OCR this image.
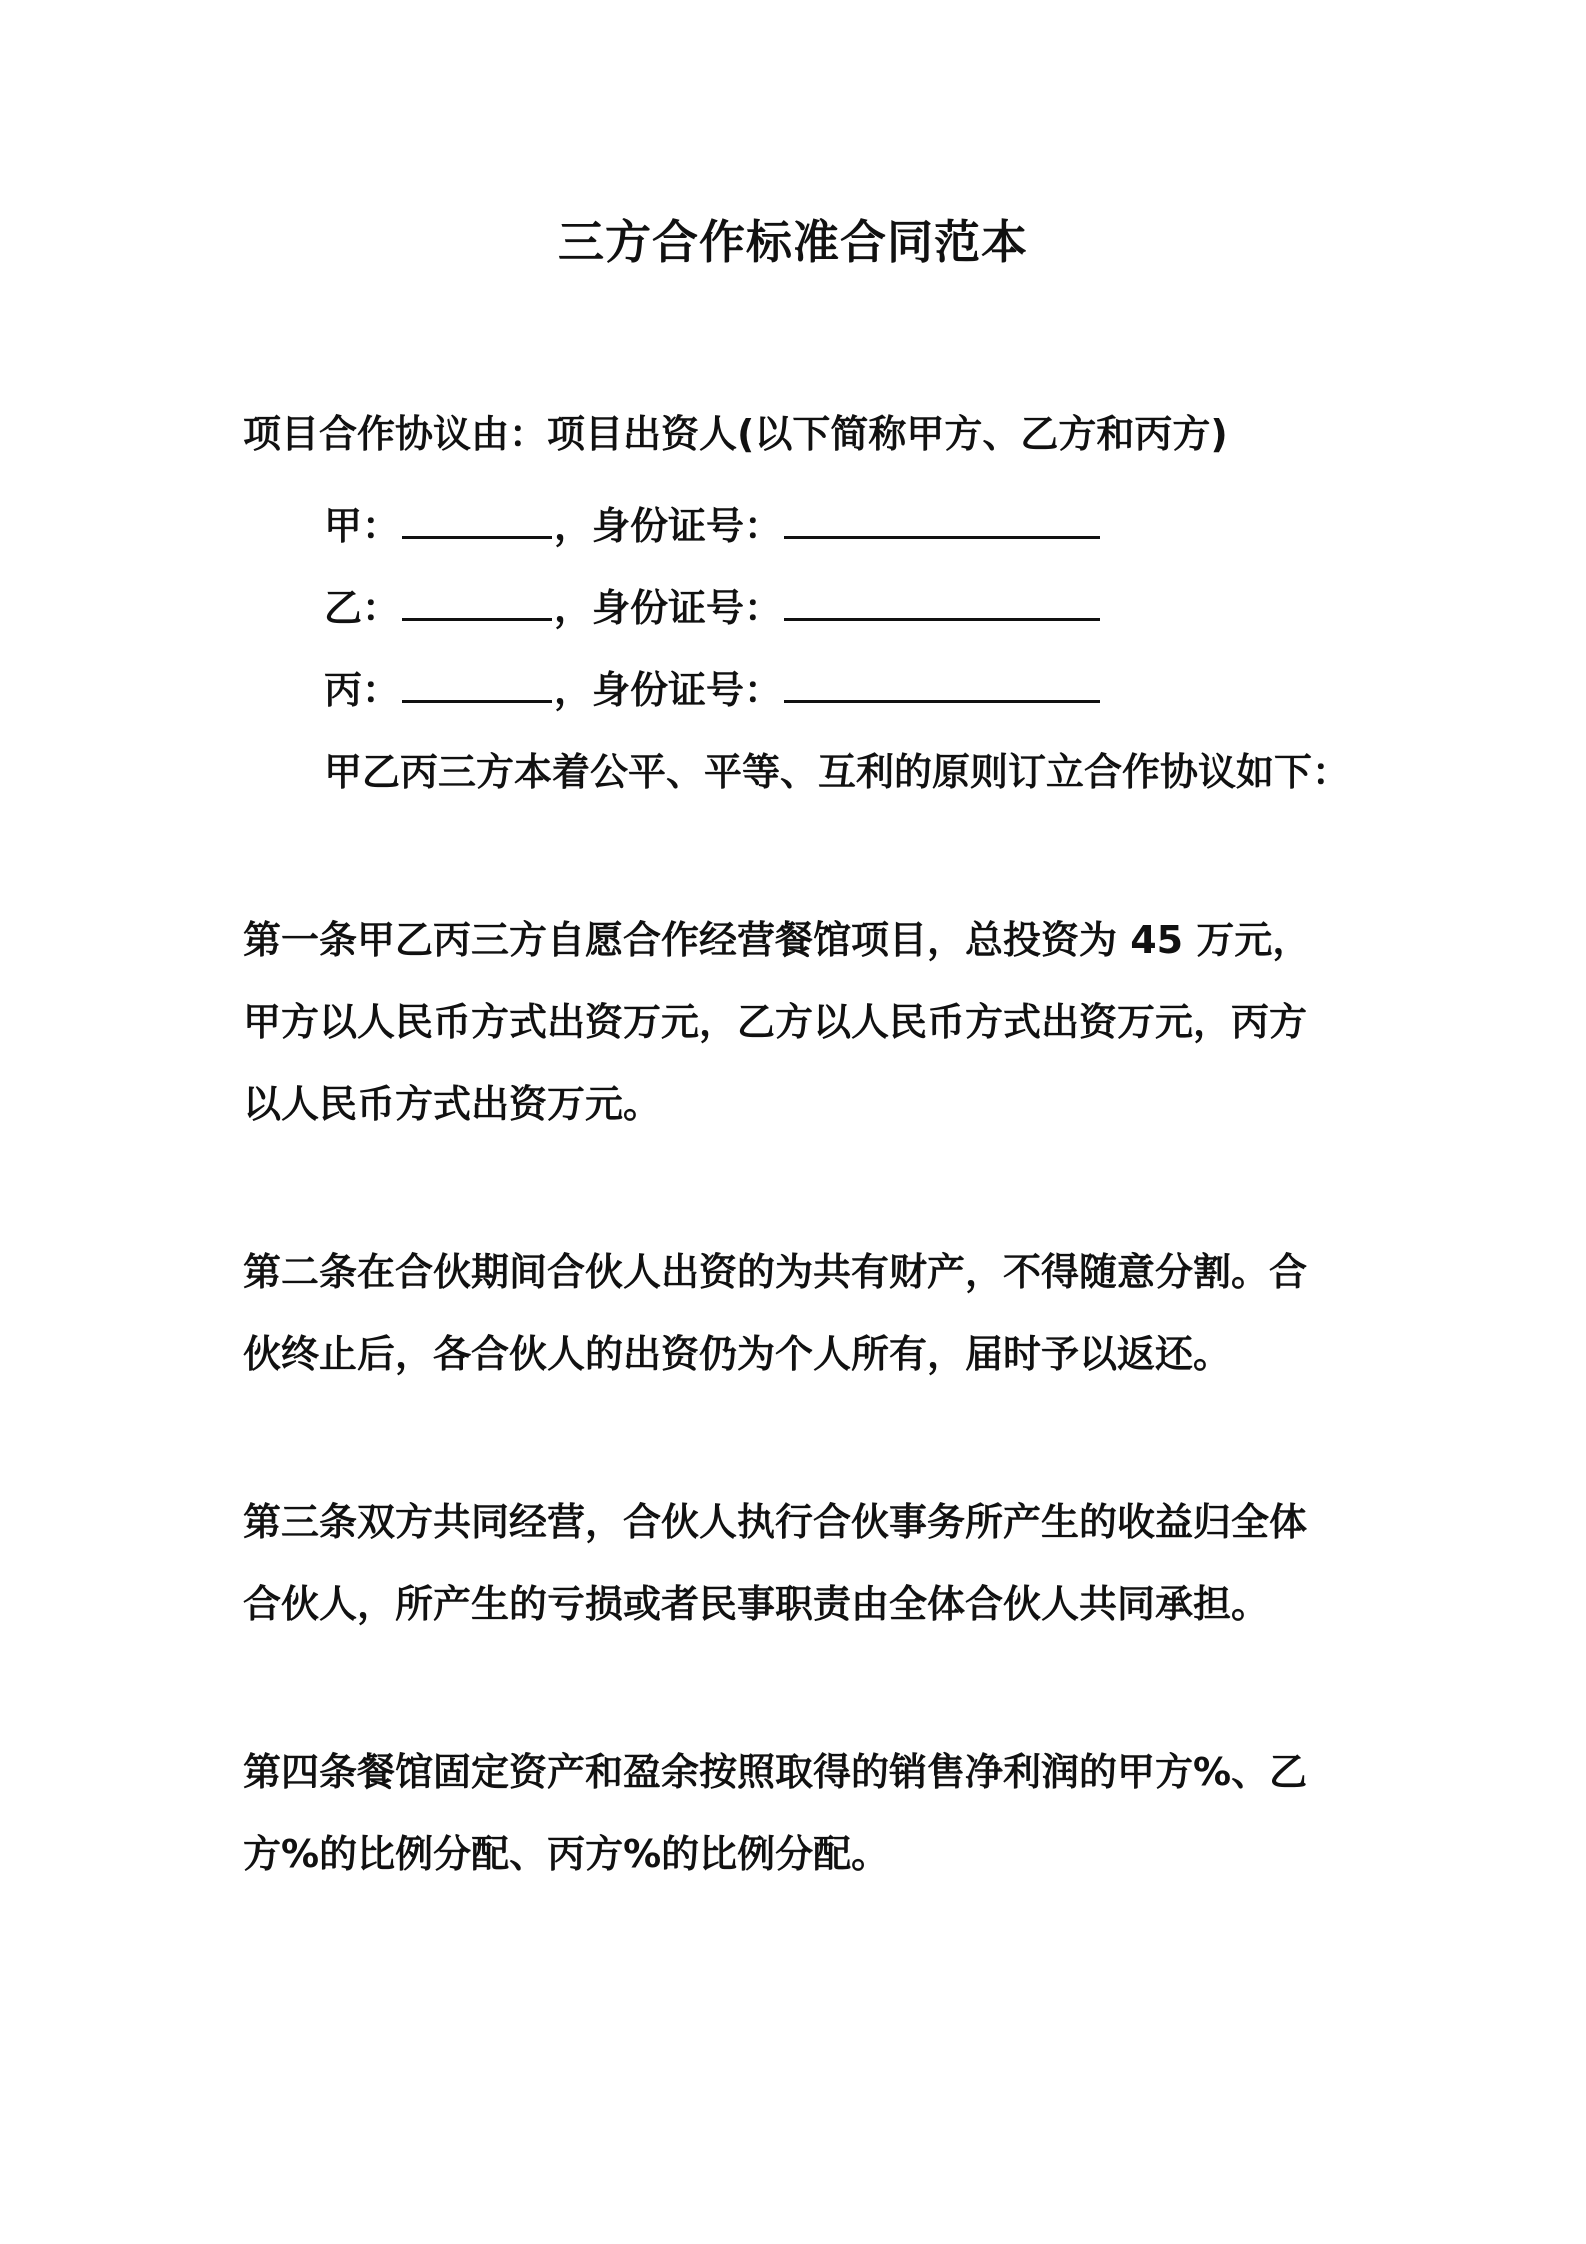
三方合作标准合同范本
项目合作协议由：项目出资人(以下简称甲方、乙方和丙方)
甲：	，身份证号：
乙：	，身份证号：
丙：	，身份证号：
甲乙丙三方本着公平、平等、互利的原则订立合作协议如下：
第一条甲乙丙三方自愿合作经营餐馆项目，总投资为 45 万元，
甲方以人民币方式出资万元，乙方以人民币方式出资万元，丙方
以人民币方式出资万元。
第二条在合伙期间合伙人出资的为共有财产，不得随意分割。合
伙终止后，各合伙人的出资仍为个人所有，届时予以返还。
第三条双方共同经营，合伙人执行合伙事务所产生的收益归全体
合伙人，所产生的亏损或者民事职责由全体合伙人共同承担。
第四条餐馆固定资产和盈余按照取得的销售净利润的甲方%、乙
方%的比例分配、丙方%的比例分配。
